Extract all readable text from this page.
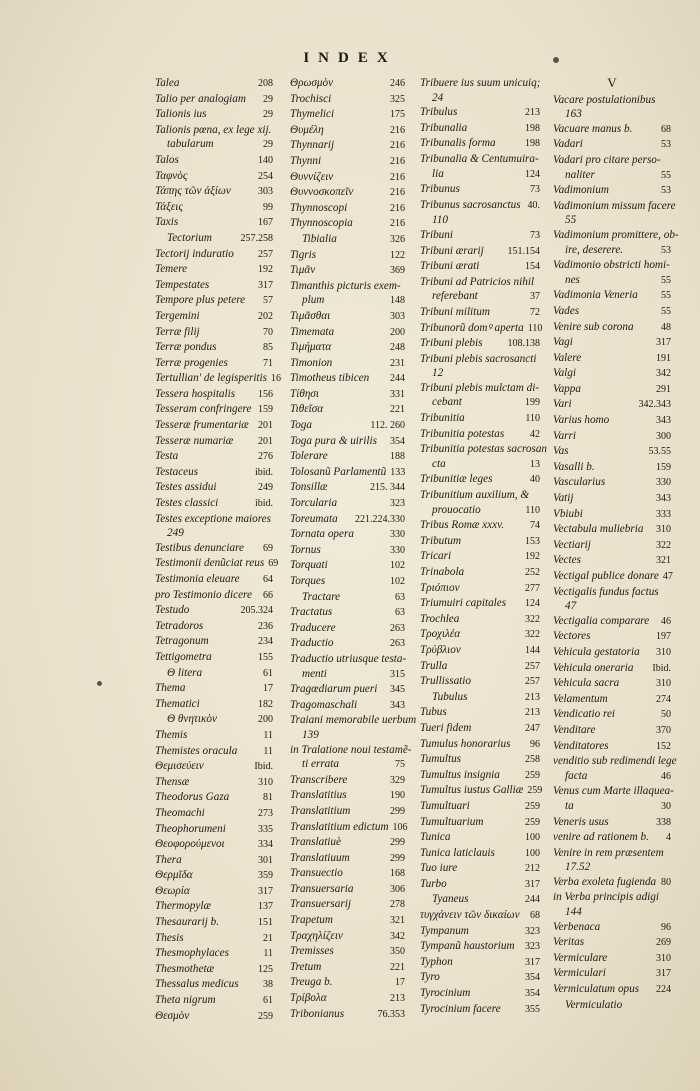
INDEX
Talea	208
Talio per analogiam 29
Talionis ius	29
Talionis pœna, ex lege xij.
tabularum	29
Talos	140
Ταφνὸς	254
Τάπης τῶν ἀξίων	303
Τάξεις	99
Taxis	167
Tectorium	257.258
Tectorij induratio 257
Temere	192
Tempestates	317
Tempore plus petere 57
Tergemini	202
Terræ filij	70
Terræ pondus	85
Terræ progenies	71
Tertullian' de legisperitis 16
Tessera hospitalis 156
Tesseram confringere 159
Tesseræ frumentariæ 201
Tesseræ numariæ 201
Testa	276
Testaceus	ibid.
Testes assidui	249
Testes classici	ibid.
Testes exceptione maiores
249
Testibus denunciare 69
Testimonii denũciat reus 69
Testimonia eleuare 64
pro Testimonio dicere 66
Testudo	205.324
Tetradoros	236
Tetragonum	234
Tettigometra	155
Θ litera	61
Thema	17
Thematici	182
Θ θνητικὸν	200
Themis	11
Themistes oracula	11
Θεμισεύειν	Ibid.
Thensæ	310
Theodorus Gaza	81
Theomachi	273
Theophorumeni	335
Θεοφορούμενοι	334
Thera	301
Θερμῖδα	359
Θεωρία	317
Thermopylæ	137
Thesaurarij b.	151
Thesis	21
Thesmophylaces	11
Thesmothetæ	125
Thessalus medicus 38
Theta nigrum	61
Θεσμὸν	259
Θρωσμὸν	246
Trochisci	325
Thymelici	175
Θυμέλη	216
Thynnarij	216
Thynni	216
Θυννίζειν	216
Θυννοσκοπεῖν	216
Thynnoscopi	216
Thynnoscopia	216
Tibialia	326
Tigris	122
Τιμᾶν	369
Timanthis picturis exem-
plum	148
Τιμᾶσθαι	303
Timemata	200
Τιμήματα	248
Timonion	231
Timotheus tibicen 244
Τίθησι	331
Τιθεῖσα	221
Toga	112. 260
Toga pura & uirilis 354
Tolerare	188
Tolosanũ Parlamentũ 133
Tonsillæ	215. 344
Torcularia	323
Toreumata 221.224.330
Tornata opera	330
Tornus	330
Torquati	102
Torques	102
Tractare	63
Tractatus	63
Traducere	263
Traductio	263
Traductio utriusque testa-
menti	315
Tragœdiarum pueri 345
Tragomaschali	343
Traiani memorabile uerbum
139
in Tralatione noui testamẽ-
ti errata	75
Transcribere	329
Translatitius	190
Translatitium	299
Translatitium edictum 106
Translatiuè	299
Translatiuum	299
Transuectio	168
Transuersaria	306
Transuersarij	278
Trapetum	321
Τραχηλίζειν	342
Tremisses	350
Tretum	221
Treuga b.	17
Τρίβολα	213
Tribonianus	76.353
Tribuere ius suum unicuiq;
24
Tribulus	213
Tribunalia	198
Tribunalis forma	198
Tribunalia & Centumuira-
lia	124
Tribunus	73
Tribunus sacrosanctus 40.
110
Tribuni	73
Tribuni ærarij 151.154
Tribuni ærati	154
Tribuni ad Patricios nihil
referebant	37
Tribuni militum	72
Tribunorũ domꝰ aperta 110
Tribuni plebis	108.138
Tribuni plebis sacrosancti
12
Tribuni plebis mulctam di-
cebant	199
Tribunitia	110
Tribunitia potestas	42
Tribunitia potestas sacrosan
cta	13
Tribunitiæ leges	40
Tribunitium auxilium, &
prouocatio	110
Tribus Romæ xxxv.	74
Tributum	153
Tricari	192
Trinabola	252
Τριόπιον	277
Triumuiri capitales 124
Trochlea	322
Τροχιλέα	322
Τρύβλιον	144
Trulla	257
Trullissatio	257
Tubulus	213
Tubus	213
Tueri fidem	247
Tumulus honorarius 96
Tumultus	258
Tumultus insignia	259
Tumultus iustus Galliæ 259
Tumultuari	259
Tumultuarium	259
Tunica	100
Tunica laticlauis	100
Tuo iure	212
Turbo	317
Tyaneus	244
τυγχάνειν τῶν δικαίων 68
Tympanum	323
Tympanũ haustorium 323
Typhon	317
Tyro	354
Tyrocinium	354
Tyrocinium facere 355
V
Vacare postulationibus
163
Vacuare manus b.	68
Vadari	53
Vadari pro citare perso-
naliter	55
Vadimonium	53
Vadimonium missum facere
55
Vadimonium promittere, ob-
ire, deserere.	53
Vadimonio obstricti homi-
nes	55
Vadimonia Veneria 55
Vades	55
Venire sub corona	48
Vagi	317
Valere	191
Valgi	342
Vappa	291
Vari	342.343
Varius homo	343
Varri	300
Vas	53.55
Vasalli b.	159
Vascularius	330
Vatij	343
Vbiubi	333
Vectabula muliebria 310
Vectiarij	322
Vectes	321
Vectigal publice donare 47
Vectigalis fundus factus
47
Vectigalia comparare 46
Vectores	197
Vehicula gestatoria 310
Vehicula oneraria Ibid.
Vehicula sacra	310
Velamentum	274
Vendicatio rei	50
Venditare	370
Venditatores	152
venditio sub redimendi lege
facta	46
Venus cum Marte illaquea-
ta	30
Veneris usus	338
venire ad rationem b. 4
Venire in rem præsentem
17.52
Verba exoleta fugienda 80
in Verba principis adigi
144
Verbenaca	96
Veritas	269
Vermiculare	310
Vermiculari	317
Vermiculatum opus 224
Vermiculatio
